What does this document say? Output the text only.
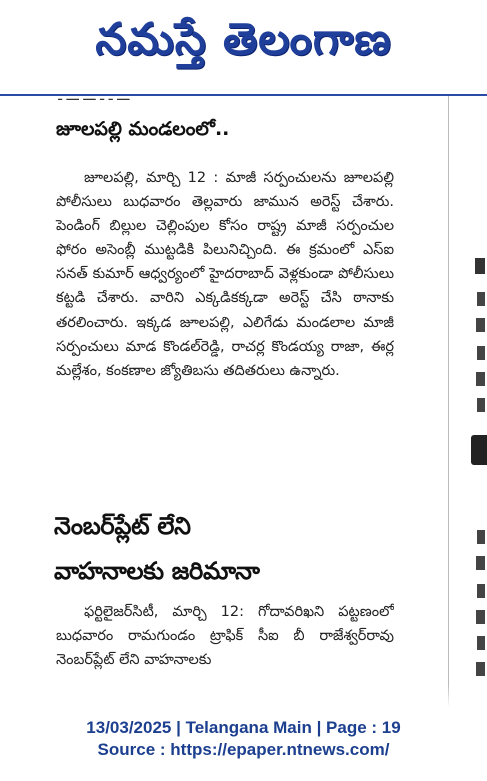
నమస్తే తెలంగాణ
ـــ ـ ـ ـــ ـــ ـ
జూలపల్లి మండలంలో..

జూలపల్లి, మార్చి 12 : మాజీ సర్పంచులను జూలపల్లి పోలీసులు బుధవారం తెల్లవారు జామున అరెస్ట్ చేశారు. పెండింగ్ బిల్లుల చెల్లింపుల కోసం రాష్ట్ర మాజీ సర్పంచుల ఫోరం అసెంబ్లీ ముట్టడికి పిలునిచ్చింది. ఈ క్రమంలో ఎస్ఐ సనత్ కుమార్ ఆధ్వర్యంలో హైదరాబాద్ వెళ్లకుండా పోలీసులు కట్టడి చేశారు. వారిని ఎక్కడికక్కడా అరెస్ట్ చేసి ఠానాకు తరలించారు. ఇక్కడ జూలపల్లి, ఎలిగేడు మండలాల మాజీ సర్పంచులు మాడ కొండల్‌రెడ్డి, రాచర్ల కొండయ్య రాజా, ఈర్ల మల్లేశం, కంకణాల జ్యోతిబసు తదితరులు ఉన్నారు.

నెంబర్‌ప్లేట్ లేని
వాహనాలకు జరిమానా

ఫర్టిలైజర్‌సిటీ, మార్చి 12: గోదావరిఖని పట్టణంలో బుధవారం రామగుండం ట్రాఫిక్ సీఐ బీ రాజేశ్వర్‌రావు నెంబర్‌ప్లేట్ లేని వాహనాలకు

13/03/2025 | Telangana Main | Page : 19
Source : https://epaper.ntnews.com/
